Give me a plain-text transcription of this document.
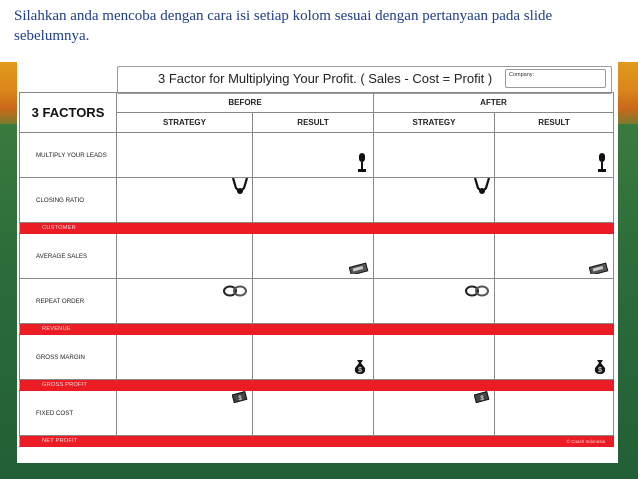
Silahkan anda mencoba dengan cara isi setiap kolom sesuai dengan pertanyaan pada slide sebelumnya.

3 Factor for Multiplying Your Profit. ( Sales - Cost = Profit )	Company:
3 FACTORS	BEFORE		AFTER	
	STRATEGY	RESULT	STRATEGY	RESULT
MULTIPLY YOUR LEADS		

CLOSING RATIO	

CUSTOMER				
AVERAGE SALES		

REPEAT ORDER	

REVENUE				
GROSS MARGIN		$		$

GROSS PROFIT				
FIXED COST	$		$	

NET PROFIT				© Coach Indonesia
